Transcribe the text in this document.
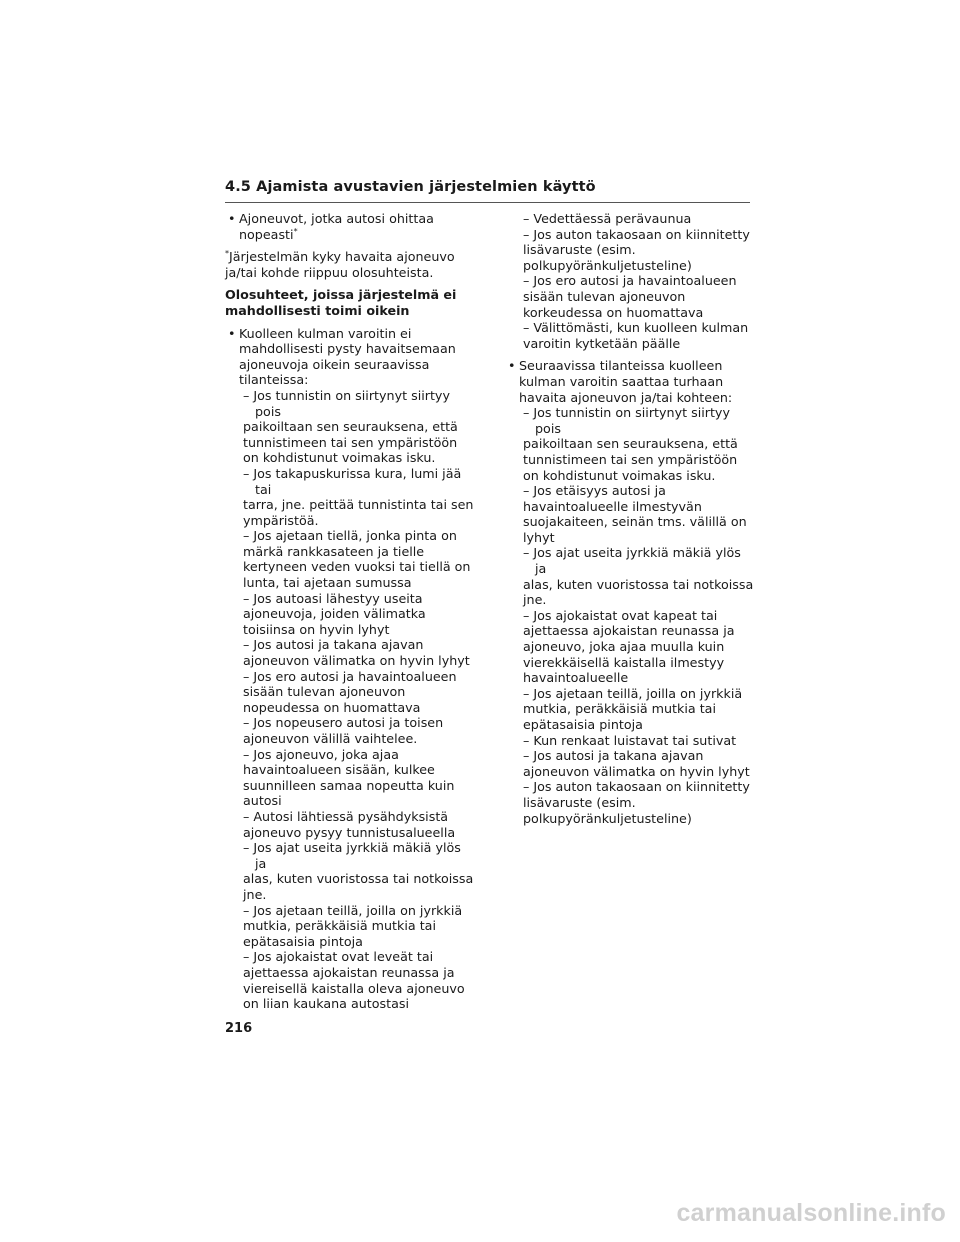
4.5 Ajamista avustavien järjestelmien käyttö
• Ajoneuvot, jotka autosi ohittaa

nopeasti*

*Järjestelmän kyky havaita ajoneuvo

ja/tai kohde riippuu olosuhteista.

Olosuhteet, joissa järjestelmä ei

mahdollisesti toimi oikein

• Kuolleen kulman varoitin ei

mahdollisesti pysty havaitsemaan

ajoneuvoja oikein seuraavissa

tilanteissa:

– Jos tunnistin on siirtynyt siirtyy pois

paikoiltaan sen seurauksena, että

tunnistimeen tai sen ympäristöön

on kohdistunut voimakas isku.

– Jos takapuskurissa kura, lumi jää tai

tarra, jne. peittää tunnistinta tai sen

ympäristöä.

– Jos ajetaan tiellä, jonka pinta on

märkä rankkasateen ja tielle

kertyneen veden vuoksi tai tiellä on

lunta, tai ajetaan sumussa

– Jos autoasi lähestyy useita

ajoneuvoja, joiden välimatka

toisiinsa on hyvin lyhyt

– Jos autosi ja takana ajavan

ajoneuvon välimatka on hyvin lyhyt

– Jos ero autosi ja havaintoalueen

sisään tulevan ajoneuvon

nopeudessa on huomattava

– Jos nopeusero autosi ja toisen

ajoneuvon välillä vaihtelee.

– Jos ajoneuvo, joka ajaa

havaintoalueen sisään, kulkee

suunnilleen samaa nopeutta kuin

autosi

– Autosi lähtiessä pysähdyksistä

ajoneuvo pysyy tunnistusalueella

– Jos ajat useita jyrkkiä mäkiä ylös ja

alas, kuten vuoristossa tai notkoissa

jne.

– Jos ajetaan teillä, joilla on jyrkkiä

mutkia, peräkkäisiä mutkia tai

epätasaisia pintoja

– Jos ajokaistat ovat leveät tai

ajettaessa ajokaistan reunassa ja

viereisellä kaistalla oleva ajoneuvo

on liian kaukana autostasi

– Vedettäessä perävaunua

– Jos auton takaosaan on kiinnitetty

lisävaruste (esim.

polkupyöränkuljetusteline)

– Jos ero autosi ja havaintoalueen

sisään tulevan ajoneuvon

korkeudessa on huomattava

– Välittömästi, kun kuolleen kulman

varoitin kytketään päälle

• Seuraavissa tilanteissa kuolleen

kulman varoitin saattaa turhaan

havaita ajoneuvon ja/tai kohteen:

– Jos tunnistin on siirtynyt siirtyy pois

paikoiltaan sen seurauksena, että

tunnistimeen tai sen ympäristöön

on kohdistunut voimakas isku.

– Jos etäisyys autosi ja

havaintoalueelle ilmestyvän

suojakaiteen, seinän tms. välillä on

lyhyt

– Jos ajat useita jyrkkiä mäkiä ylös ja

alas, kuten vuoristossa tai notkoissa

jne.

– Jos ajokaistat ovat kapeat tai

ajettaessa ajokaistan reunassa ja

ajoneuvo, joka ajaa muulla kuin

vierekkäisellä kaistalla ilmestyy

havaintoalueelle

– Jos ajetaan teillä, joilla on jyrkkiä

mutkia, peräkkäisiä mutkia tai

epätasaisia pintoja

– Kun renkaat luistavat tai sutivat

– Jos autosi ja takana ajavan

ajoneuvon välimatka on hyvin lyhyt

– Jos auton takaosaan on kiinnitetty

lisävaruste (esim.

polkupyöränkuljetusteline)

216
carmanualsonline.info
